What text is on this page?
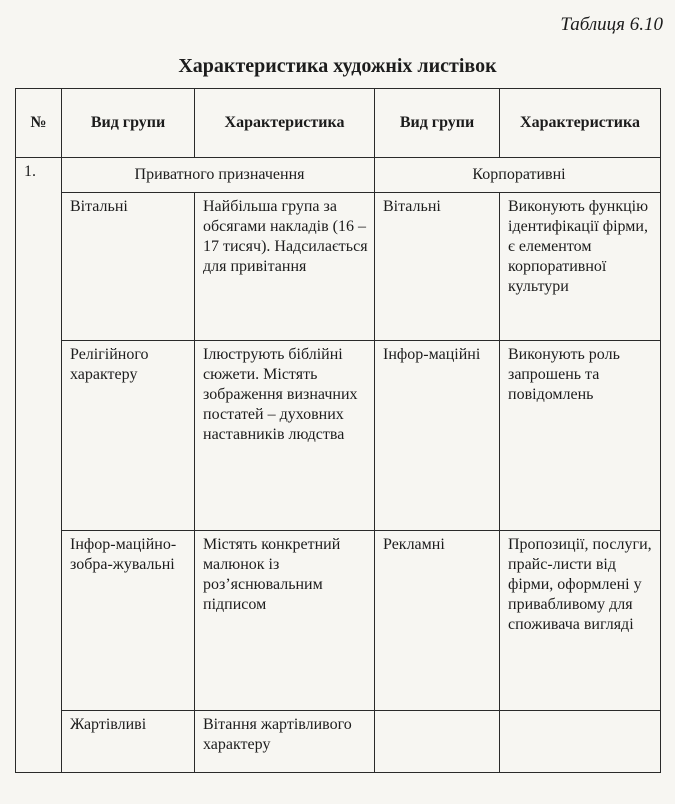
Таблиця 6.10
Характеристика художніх листівок
№	Вид групи	Характеристика	Вид групи	Характеристика
1.	Приватного призначення		Корпоративні	
	Вітальні	Найбільша група за обсягами накладів (16 – 17 тисяч). Надсилається для привітання	Вітальні	Виконують функцію ідентифікації фірми, є елементом корпоративної культури
	Релігійного характеру	Ілюструють біблійні сюжети. Містять зображення визначних постатей – духовних наставників людства	Інфор-маційні	Виконують роль запрошень та повідомлень
	Інфор-маційно-зобра-жувальні	Містять конкретний малюнок із роз’яснювальним підписом	Рекламні	Пропозиції, послуги, прайс-листи від фірми, оформлені у привабливому для споживача вигляді
	Жартівливі	Вітання жартівливого характеру		
